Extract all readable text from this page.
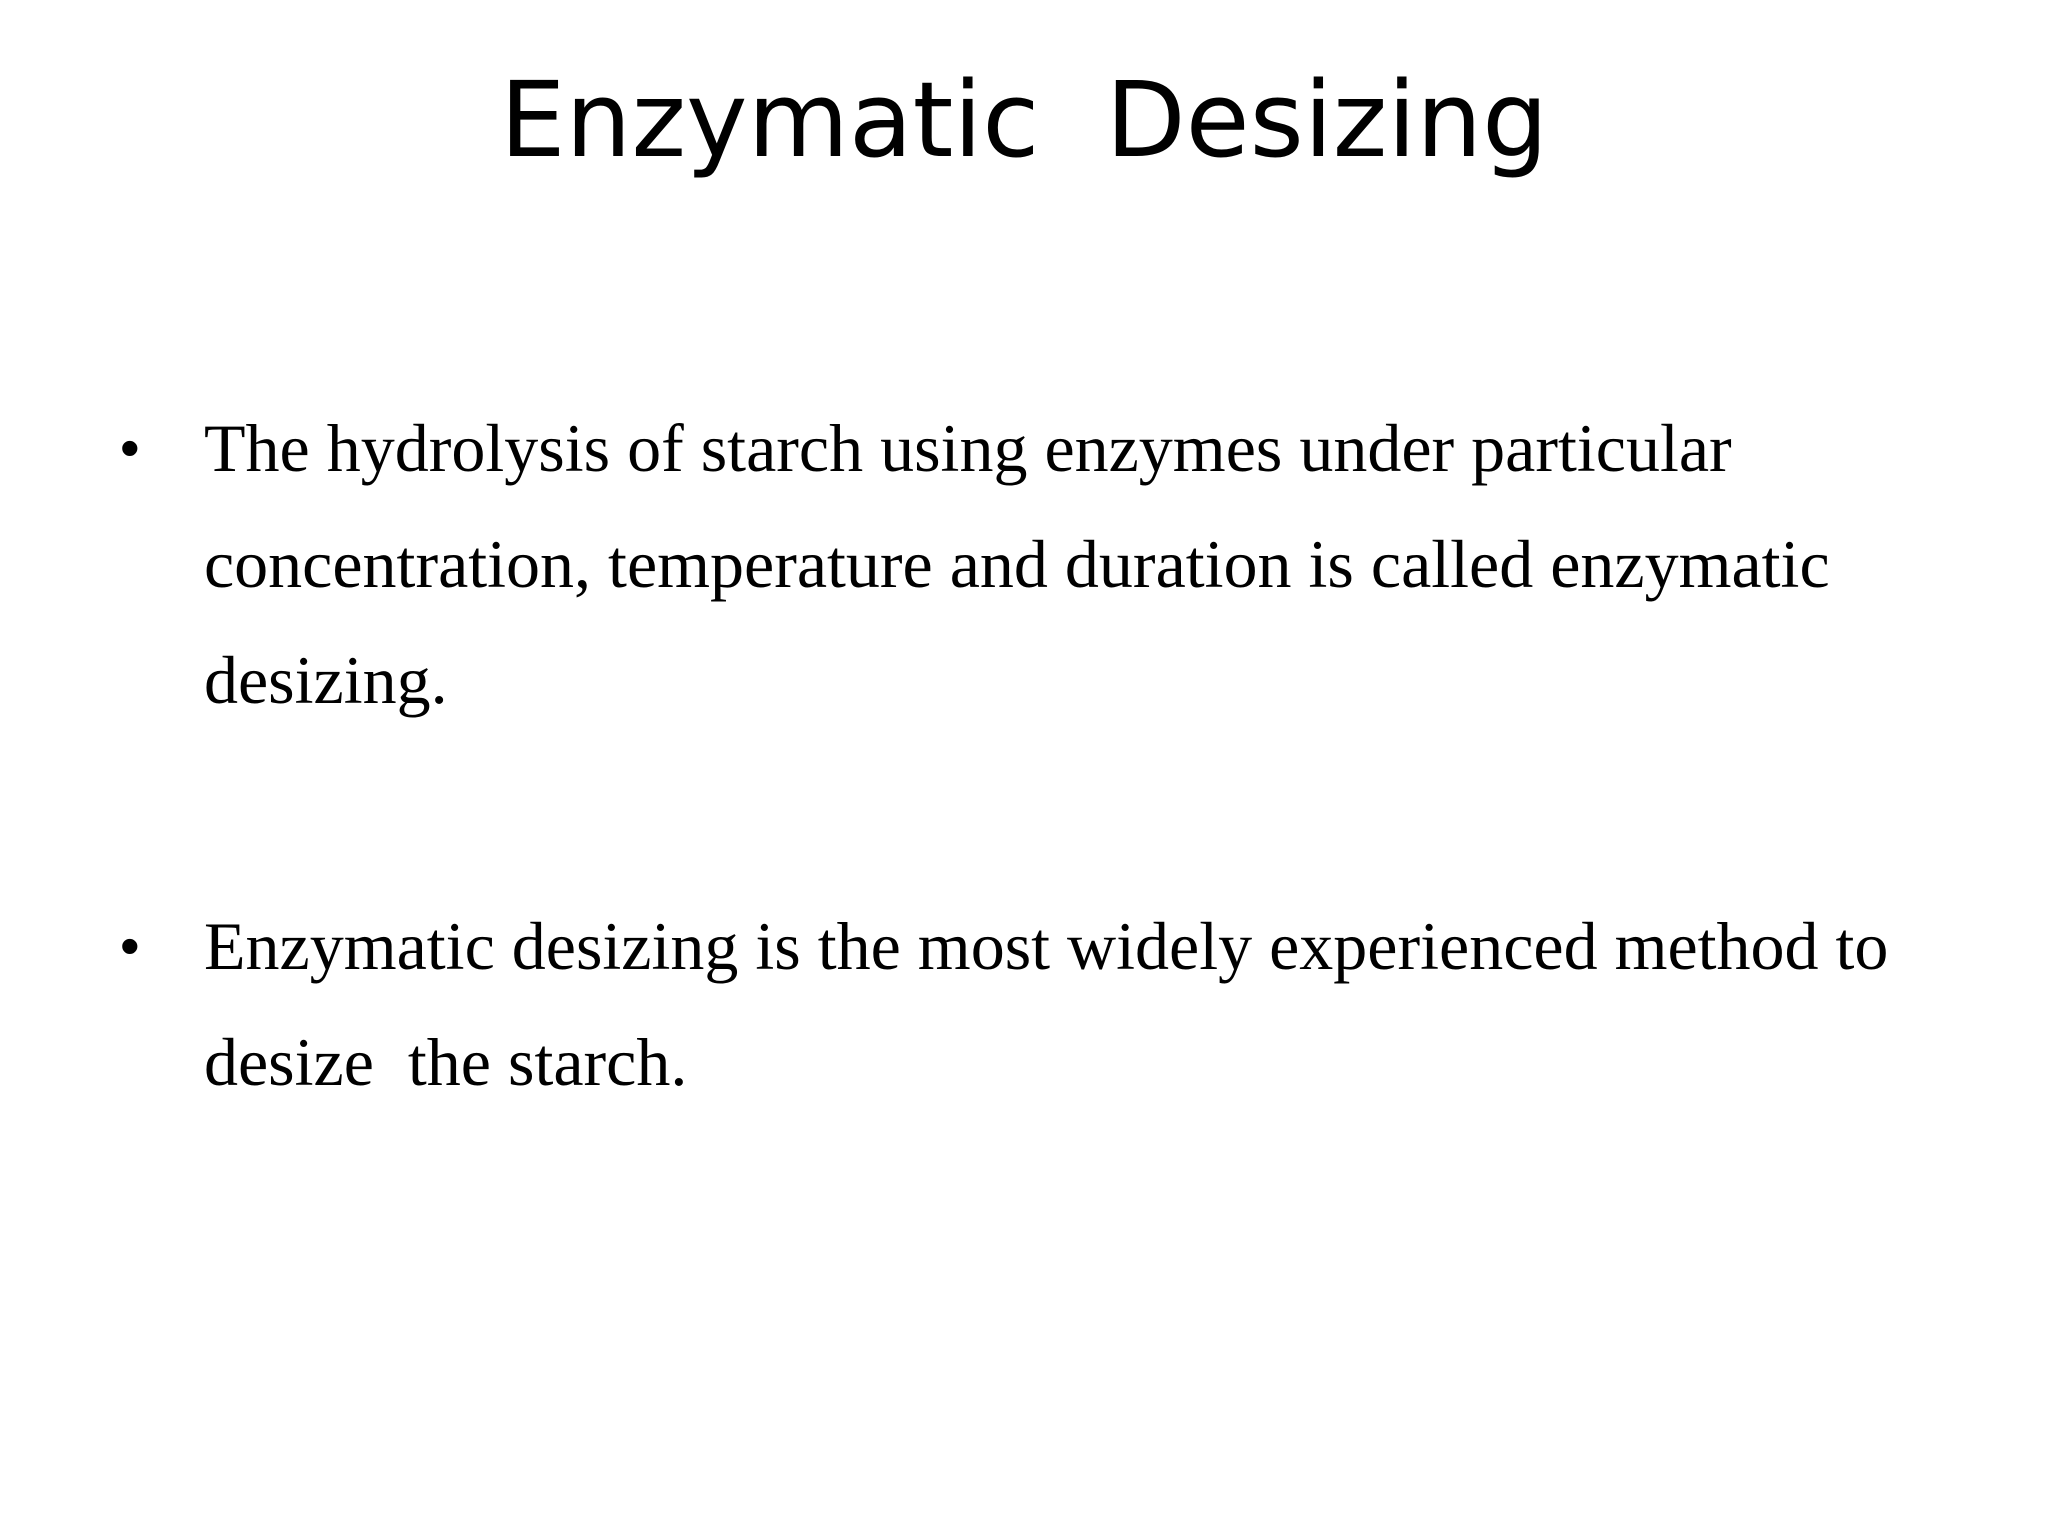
Enzymatic  Desizing
• The hydrolysis of starch using enzymes under particular concentration, temperature and duration is called enzymatic desizing.
• Enzymatic desizing is the most widely experienced method to desize  the starch.
